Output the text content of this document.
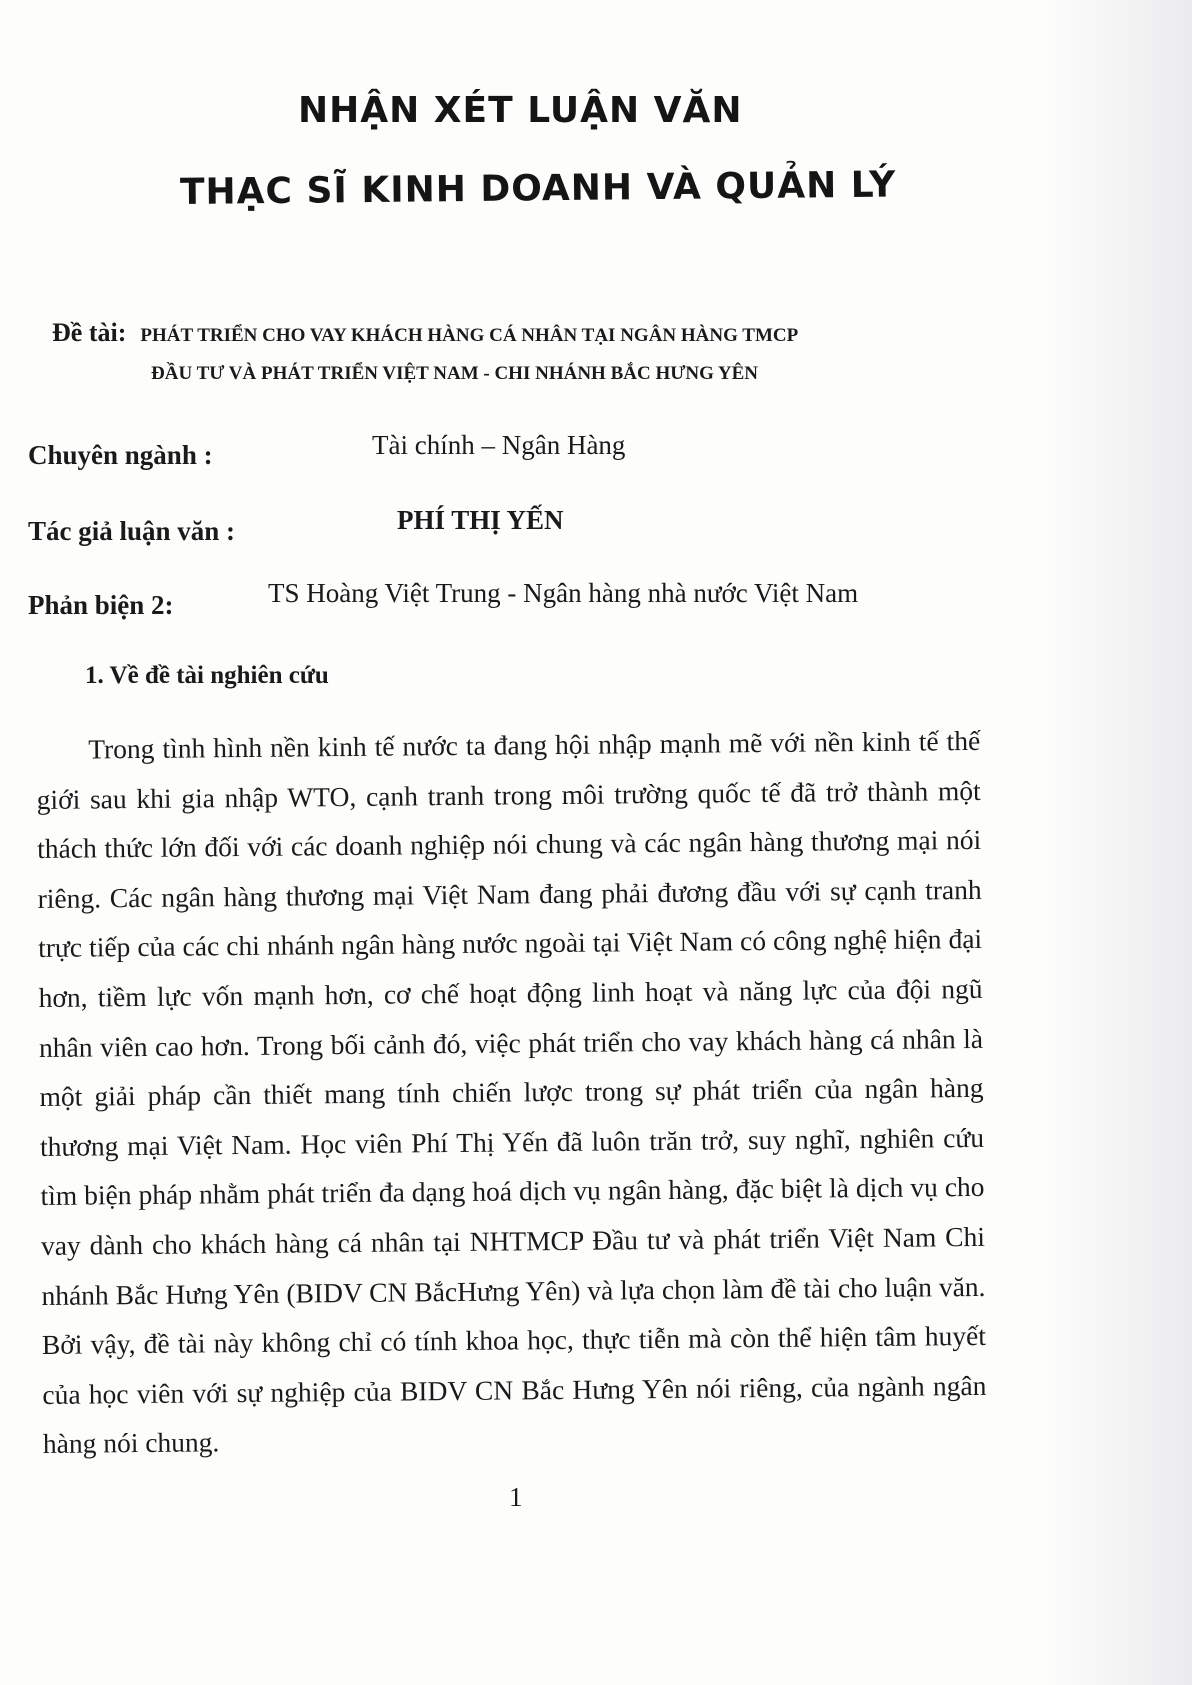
NHẬN XÉT LUẬN VĂN
THẠC SĨ KINH DOANH VÀ QUẢN LÝ
Đề tài: PHÁT TRIỂN CHO VAY KHÁCH HÀNG CÁ NHÂN TẠI NGÂN HÀNG TMCP
ĐẦU TƯ VÀ PHÁT TRIỂN VIỆT NAM - CHI NHÁNH BẮC HƯNG YÊN
Chuyên ngành :	Tài chính – Ngân Hàng
Tác giả luận văn :	PHÍ THỊ YẾN
Phản biện 2:	TS Hoàng Việt Trung - Ngân hàng nhà nước Việt Nam
1. Về đề tài nghiên cứu
Trong tình hình nền kinh tế nước ta đang hội nhập mạnh mẽ với nền kinh tế thế giới sau khi gia nhập WTO, cạnh tranh trong môi trường quốc tế đã trở thành một thách thức lớn đối với các doanh nghiệp nói chung và các ngân hàng thương mại nói riêng. Các ngân hàng thương mại Việt Nam đang phải đương đầu với sự cạnh tranh trực tiếp của các chi nhánh ngân hàng nước ngoài tại Việt Nam có công nghệ hiện đại hơn, tiềm lực vốn mạnh hơn, cơ chế hoạt động linh hoạt và năng lực của đội ngũ nhân viên cao hơn. Trong bối cảnh đó, việc phát triển cho vay khách hàng cá nhân là một giải pháp cần thiết mang tính chiến lược trong sự phát triển của ngân hàng thương mại Việt Nam. Học viên Phí Thị Yến đã luôn trăn trở, suy nghĩ, nghiên cứu tìm biện pháp nhằm phát triển đa dạng hoá dịch vụ ngân hàng, đặc biệt là dịch vụ cho vay dành cho khách hàng cá nhân tại NHTMCP Đầu tư và phát triển Việt Nam Chi nhánh Bắc Hưng Yên (BIDV CN BắcHưng Yên) và lựa chọn làm đề tài cho luận văn. Bởi vậy, đề tài này không chỉ có tính khoa học, thực tiễn mà còn thể hiện tâm huyết của học viên với sự nghiệp của BIDV CN Bắc Hưng Yên nói riêng, của ngành ngân hàng nói chung.
1
